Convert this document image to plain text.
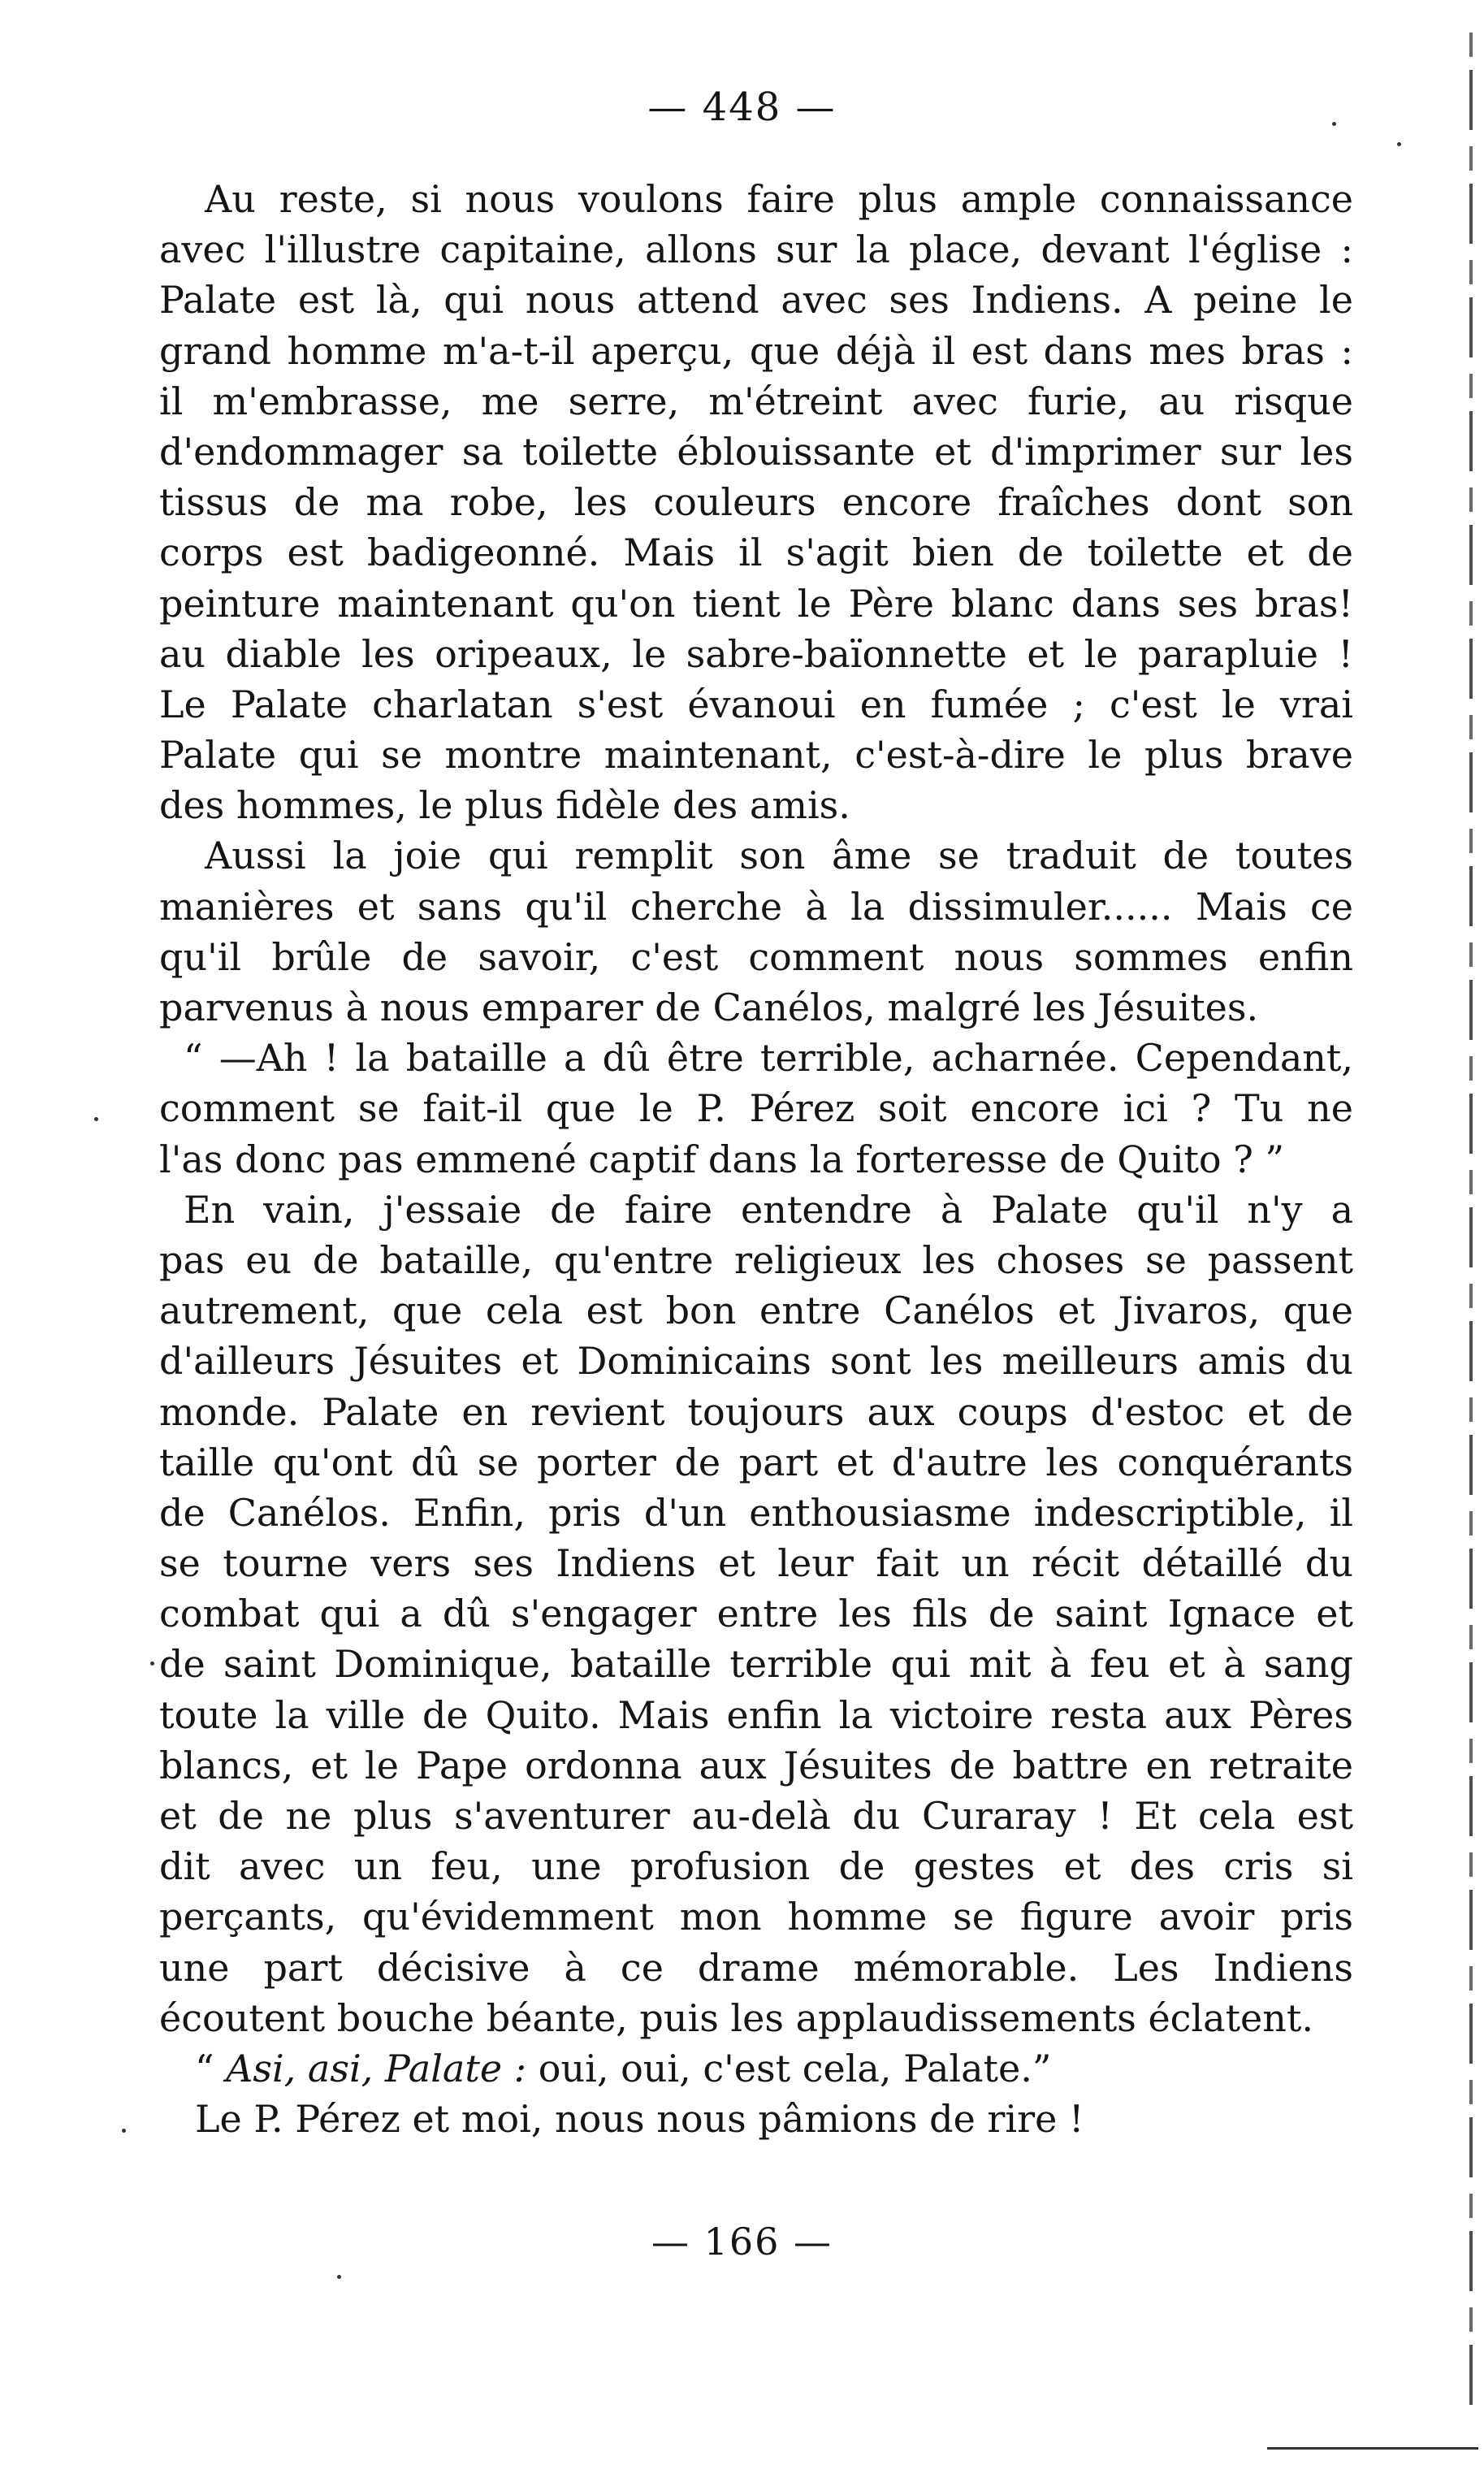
— 448 —
Au reste, si nous voulons faire plus ample connaissance
avec l'illustre capitaine, allons sur la place, devant l'église :
Palate est là, qui nous attend avec ses Indiens. A peine le
grand homme m'a-t-il aperçu, que déjà il est dans mes bras :
il m'embrasse, me serre, m'étreint avec furie, au risque
d'endommager sa toilette éblouissante et d'imprimer sur les
tissus de ma robe, les couleurs encore fraîches dont son
corps est badigeonné. Mais il s'agit bien de toilette et de
peinture maintenant qu'on tient le Père blanc dans ses bras!
au diable les oripeaux, le sabre-baïonnette et le parapluie !
Le Palate charlatan s'est évanoui en fumée ; c'est le vrai
Palate qui se montre maintenant, c'est-à-dire le plus brave
des hommes, le plus fidèle des amis.
Aussi la joie qui remplit son âme se traduit de toutes
manières et sans qu'il cherche à la dissimuler...... Mais ce
qu'il brûle de savoir, c'est comment nous sommes enfin
parvenus à nous emparer de Canélos, malgré les Jésuites.
“ —Ah ! la bataille a dû être terrible, acharnée. Cependant,
comment se fait-il que le P. Pérez soit encore ici ? Tu ne
l'as donc pas emmené captif dans la forteresse de Quito ? ”
En vain, j'essaie de faire entendre à Palate qu'il n'y a
pas eu de bataille, qu'entre religieux les choses se passent
autrement, que cela est bon entre Canélos et Jivaros, que
d'ailleurs Jésuites et Dominicains sont les meilleurs amis du
monde. Palate en revient toujours aux coups d'estoc et de
taille qu'ont dû se porter de part et d'autre les conquérants
de Canélos. Enfin, pris d'un enthousiasme indescriptible, il
se tourne vers ses Indiens et leur fait un récit détaillé du
combat qui a dû s'engager entre les fils de saint Ignace et
de saint Dominique, bataille terrible qui mit à feu et à sang
toute la ville de Quito. Mais enfin la victoire resta aux Pères
blancs, et le Pape ordonna aux Jésuites de battre en retraite
et de ne plus s'aventurer au-delà du Curaray ! Et cela est
dit avec un feu, une profusion de gestes et des cris si
perçants, qu'évidemment mon homme se figure avoir pris
une part décisive à ce drame mémorable. Les Indiens
écoutent bouche béante, puis les applaudissements éclatent.
“ Asi, asi, Palate : oui, oui, c'est cela, Palate.”
Le P. Pérez et moi, nous nous pâmions de rire !
— 166 —
